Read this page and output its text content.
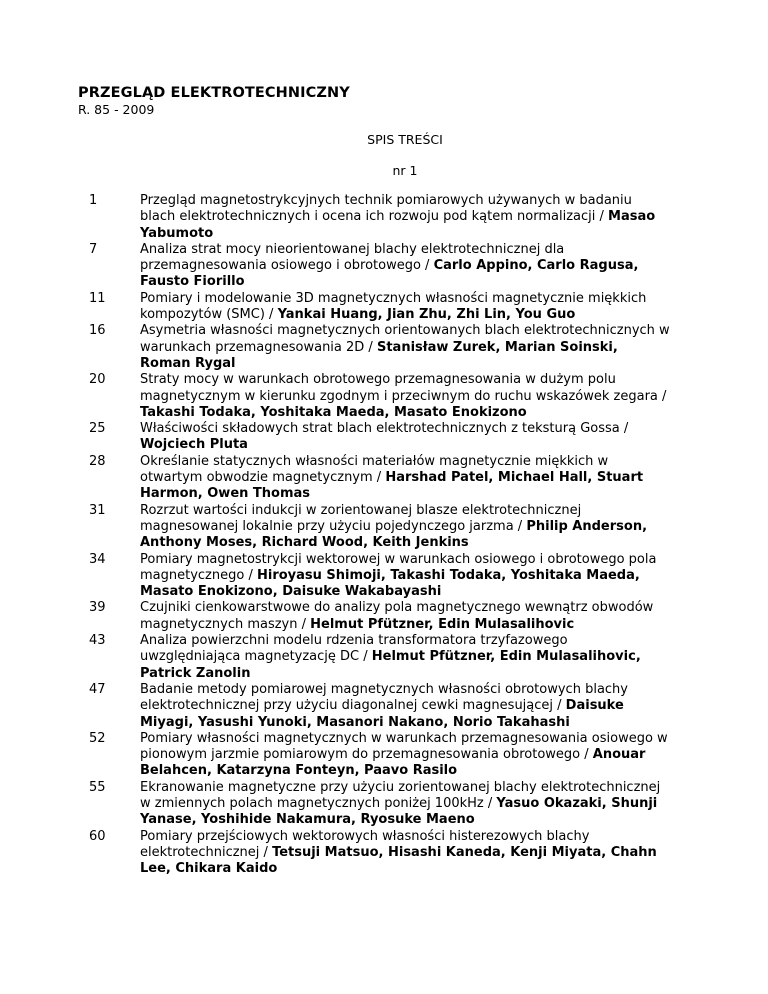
PRZEGLĄD ELEKTROTECHNICZNY
R. 85 - 2009
SPIS TREŚCI
nr 1
1	Przegląd magnetostrykcyjnych technik pomiarowych używanych w badaniu blach elektrotechnicznych i ocena ich rozwoju pod kątem normalizacji / Masao Yabumoto
7	Analiza strat mocy nieorientowanej blachy elektrotechnicznej dla przemagnesowania osiowego i obrotowego / Carlo Appino, Carlo Ragusa, Fausto Fiorillo
11	Pomiary i modelowanie 3D magnetycznych własności magnetycznie miękkich kompozytów (SMC) / Yankai Huang, Jian Zhu, Zhi Lin, You Guo
16	Asymetria własności magnetycznych orientowanych blach elektrotechnicznych w warunkach przemagnesowania 2D / Stanisław Zurek, Marian Soinski, Roman Rygal
20	Straty mocy w warunkach obrotowego przemagnesowania w dużym polu magnetycznym w kierunku zgodnym i przeciwnym do ruchu wskazówek zegara / Takashi Todaka, Yoshitaka Maeda, Masato Enokizono
25	Właściwości składowych strat blach elektrotechnicznych z teksturą Gossa / Wojciech Pluta
28	Określanie statycznych własności materiałów magnetycznie miękkich w otwartym obwodzie magnetycznym / Harshad Patel, Michael Hall, Stuart Harmon, Owen Thomas
31	Rozrzut wartości indukcji w zorientowanej blasze elektrotechnicznej magnesowanej lokalnie przy użyciu pojedynczego jarzma / Philip Anderson, Anthony Moses, Richard Wood, Keith Jenkins
34	Pomiary magnetostrykcji wektorowej w warunkach osiowego i obrotowego pola magnetycznego / Hiroyasu Shimoji, Takashi Todaka, Yoshitaka Maeda, Masato Enokizono, Daisuke Wakabayashi
39	Czujniki cienkowarstwowe do analizy pola magnetycznego wewnątrz obwodów magnetycznych maszyn / Helmut Pfützner, Edin Mulasalihovic
43	Analiza powierzchni modelu rdzenia transformatora trzyfazowego uwzględniająca magnetyzację DC / Helmut Pfützner, Edin Mulasalihovic, Patrick Zanolin
47	Badanie metody pomiarowej magnetycznych własności obrotowych blachy elektrotechnicznej przy użyciu diagonalnej cewki magnesującej / Daisuke Miyagi, Yasushi Yunoki, Masanori Nakano, Norio Takahashi
52	Pomiary własności magnetycznych w warunkach przemagnesowania osiowego w pionowym jarzmie pomiarowym do przemagnesowania obrotowego / Anouar Belahcen, Katarzyna Fonteyn, Paavo Rasilo
55	Ekranowanie magnetyczne przy użyciu zorientowanej blachy elektrotechnicznej w zmiennych polach magnetycznych poniżej 100kHz / Yasuo Okazaki, Shunji Yanase, Yoshihide Nakamura, Ryosuke Maeno
60	Pomiary przejściowych wektorowych własności histerezowych blachy elektrotechnicznej / Tetsuji Matsuo, Hisashi Kaneda, Kenji Miyata, Chahn Lee, Chikara Kaido
